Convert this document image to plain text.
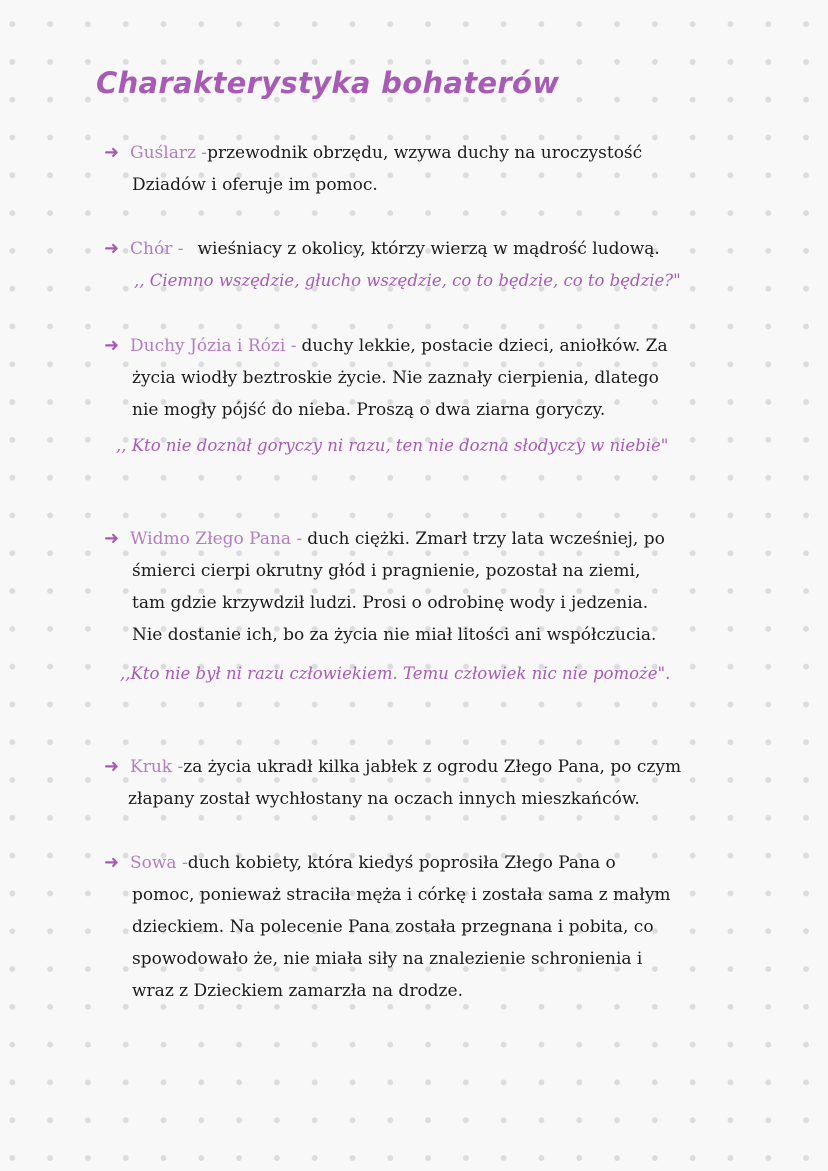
Charakterystyka bohaterów
➜ Guślarz -przewodnik obrzędu, wzywa duchy na uroczystość
Dziadów i oferuje im pomoc.
➜ Chór - wieśniacy z okolicy, którzy wierzą w mądrość ludową.
,, Ciemno wszędzie, głucho wszędzie, co to będzie, co to będzie?"
➜ Duchy Józia i Rózi - duchy lekkie, postacie dzieci, aniołków. Za
życia wiodły beztroskie życie. Nie zaznały cierpienia, dlatego
nie mogły pójść do nieba. Proszą o dwa ziarna goryczy.
,, Kto nie doznał goryczy ni razu, ten nie dozna słodyczy w niebie"
➜ Widmo Złego Pana - duch ciężki. Zmarł trzy lata wcześniej, po
śmierci cierpi okrutny głód i pragnienie, pozostał na ziemi,
tam gdzie krzywdził ludzi. Prosi o odrobinę wody i jedzenia.
Nie dostanie ich, bo za życia nie miał litości ani współczucia.
,,Kto nie był ni razu człowiekiem. Temu człowiek nic nie pomoże".
➜ Kruk -za życia ukradł kilka jabłek z ogrodu Złego Pana, po czym
złapany został wychłostany na oczach innych mieszkańców.
➜ Sowa -duch kobiety, która kiedyś poprosiła Złego Pana o
pomoc, ponieważ straciła męża i córkę i została sama z małym
dzieckiem. Na polecenie Pana została przegnana i pobita, co
spowodowało że, nie miała siły na znalezienie schronienia i
wraz z Dzieckiem zamarzła na drodze.
